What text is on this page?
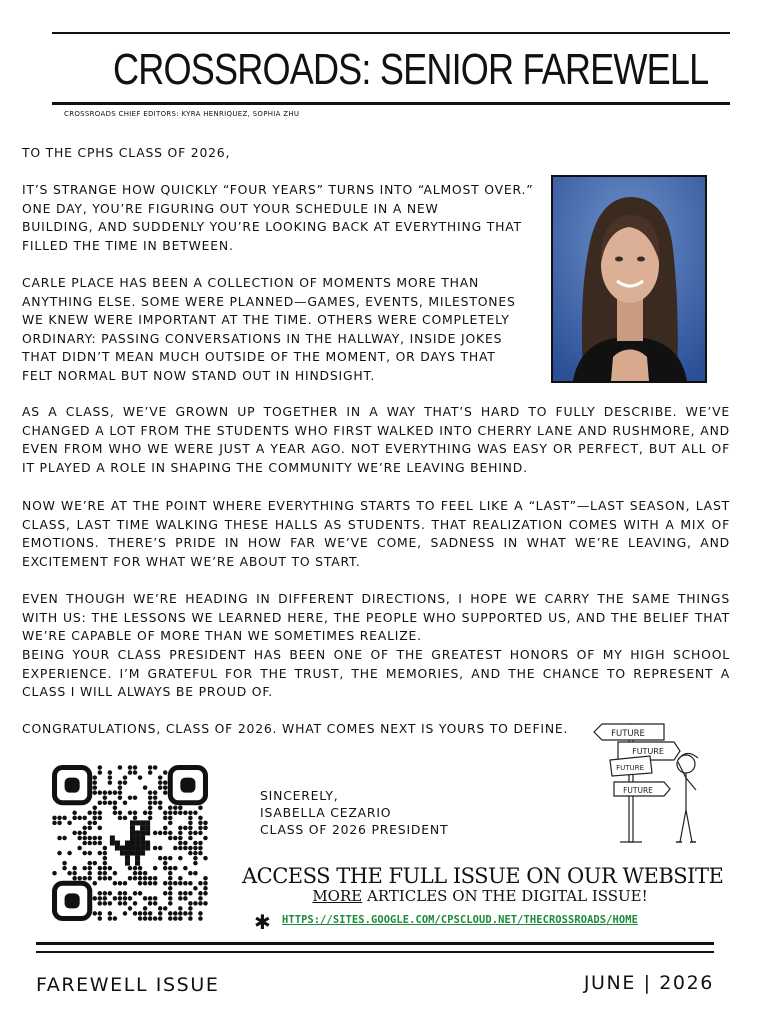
CROSSROADS: SENIOR FAREWELL
CROSSROADS CHIEF EDITORS: KYRA HENRIQUEZ, SOPHIA ZHU

TO THE CPHS CLASS OF 2026,

IT’S STRANGE HOW QUICKLY “FOUR YEARS” TURNS INTO “ALMOST OVER.”

ONE DAY, YOU’RE FIGURING OUT YOUR SCHEDULE IN A NEW

BUILDING, AND SUDDENLY YOU’RE LOOKING BACK AT EVERYTHING THAT

FILLED THE TIME IN BETWEEN.

CARLE PLACE HAS BEEN A COLLECTION OF MOMENTS MORE THAN

ANYTHING ELSE. SOME WERE PLANNED—GAMES, EVENTS, MILESTONES

WE KNEW WERE IMPORTANT AT THE TIME. OTHERS WERE COMPLETELY

ORDINARY: PASSING CONVERSATIONS IN THE HALLWAY, INSIDE JOKES

THAT DIDN’T MEAN MUCH OUTSIDE OF THE MOMENT, OR DAYS THAT

FELT NORMAL BUT NOW STAND OUT IN HINDSIGHT.

AS A CLASS, WE’VE GROWN UP TOGETHER IN A WAY THAT’S HARD TO FULLY DESCRIBE. WE’VE CHANGED A LOT FROM THE STUDENTS WHO FIRST WALKED INTO CHERRY LANE AND RUSHMORE, AND EVEN FROM WHO WE WERE JUST A YEAR AGO. NOT EVERYTHING WAS EASY OR PERFECT, BUT ALL OF IT PLAYED A ROLE IN SHAPING THE COMMUNITY WE’RE LEAVING BEHIND.

NOW WE’RE AT THE POINT WHERE EVERYTHING STARTS TO FEEL LIKE A “LAST”—LAST SEASON, LAST CLASS, LAST TIME WALKING THESE HALLS AS STUDENTS. THAT REALIZATION COMES WITH A MIX OF EMOTIONS. THERE’S PRIDE IN HOW FAR WE’VE COME, SADNESS IN WHAT WE’RE LEAVING, AND EXCITEMENT FOR WHAT WE’RE ABOUT TO START.

EVEN THOUGH WE’RE HEADING IN DIFFERENT DIRECTIONS, I HOPE WE CARRY THE SAME THINGS WITH US: THE LESSONS WE LEARNED HERE, THE PEOPLE WHO SUPPORTED US, AND THE BELIEF THAT WE’RE CAPABLE OF MORE THAN WE SOMETIMES REALIZE.

BEING YOUR CLASS PRESIDENT HAS BEEN ONE OF THE GREATEST HONORS OF MY HIGH SCHOOL EXPERIENCE. I’M GRATEFUL FOR THE TRUST, THE MEMORIES, AND THE CHANCE TO REPRESENT A CLASS I WILL ALWAYS BE PROUD OF.

CONGRATULATIONS, CLASS OF 2026. WHAT COMES NEXT IS YOURS TO DEFINE.

SINCERELY,
ISABELLA CEZARIO
CLASS OF 2026 PRESIDENT
FUTURE
FUTURE
FUTURE
FUTURE
ACCESS THE FULL ISSUE ON OUR WEBSITE
MORE ARTICLES ON THE DIGITAL ISSUE!
✱ HTTPS://SITES.GOOGLE.COM/CPSCLOUD.NET/THECROSSROADS/HOME
FAREWELL ISSUE	JUNE | 2026
